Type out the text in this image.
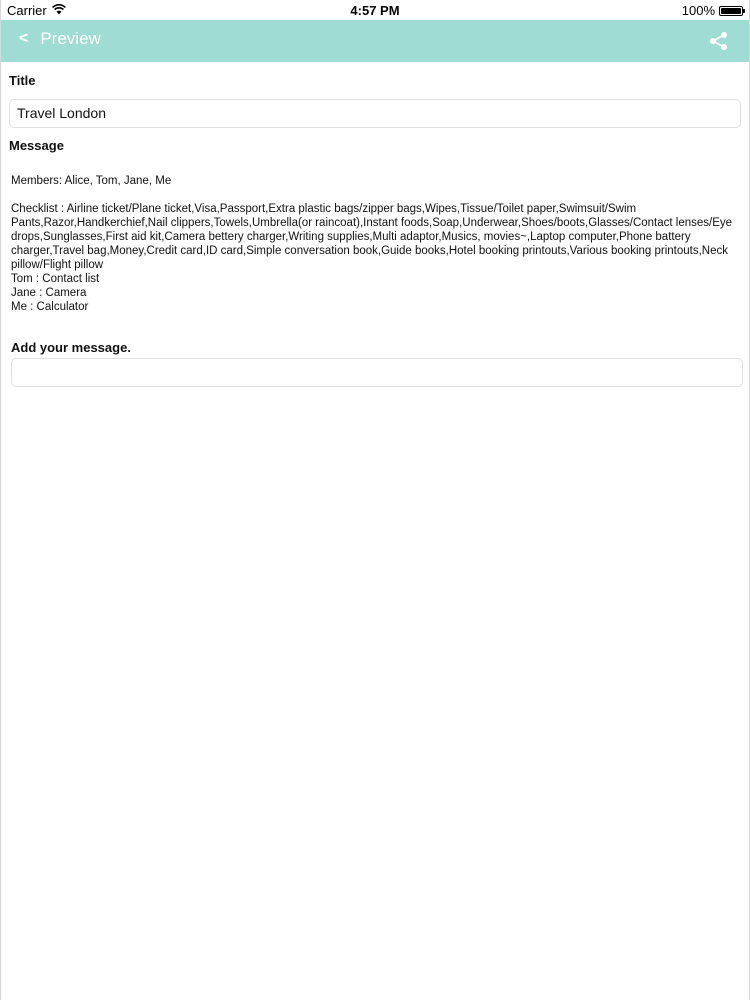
Carrier	4:57 PM	100%
< Preview
Title
Travel London
Message

Members: Alice, Tom, Jane, Me

Checklist : Airline ticket/Plane ticket,Visa,Passport,Extra plastic bags/zipper bags,Wipes,Tissue/Toilet paper,Swimsuit/Swim Pants,Razor,Handkerchief,Nail clippers,Towels,Umbrella(or raincoat),Instant foods,Soap,Underwear,Shoes/boots,Glasses/Contact lenses/Eye drops,Sunglasses,First aid kit,Camera bettery charger,Writing supplies,Multi adaptor,Musics, movies~,Laptop computer,Phone battery charger,Travel bag,Money,Credit card,ID card,Simple conversation book,Guide books,Hotel booking printouts,Various booking printouts,Neck pillow/Flight pillow

Tom : Contact list

Jane : Camera

Me : Calculator

Add your message.
